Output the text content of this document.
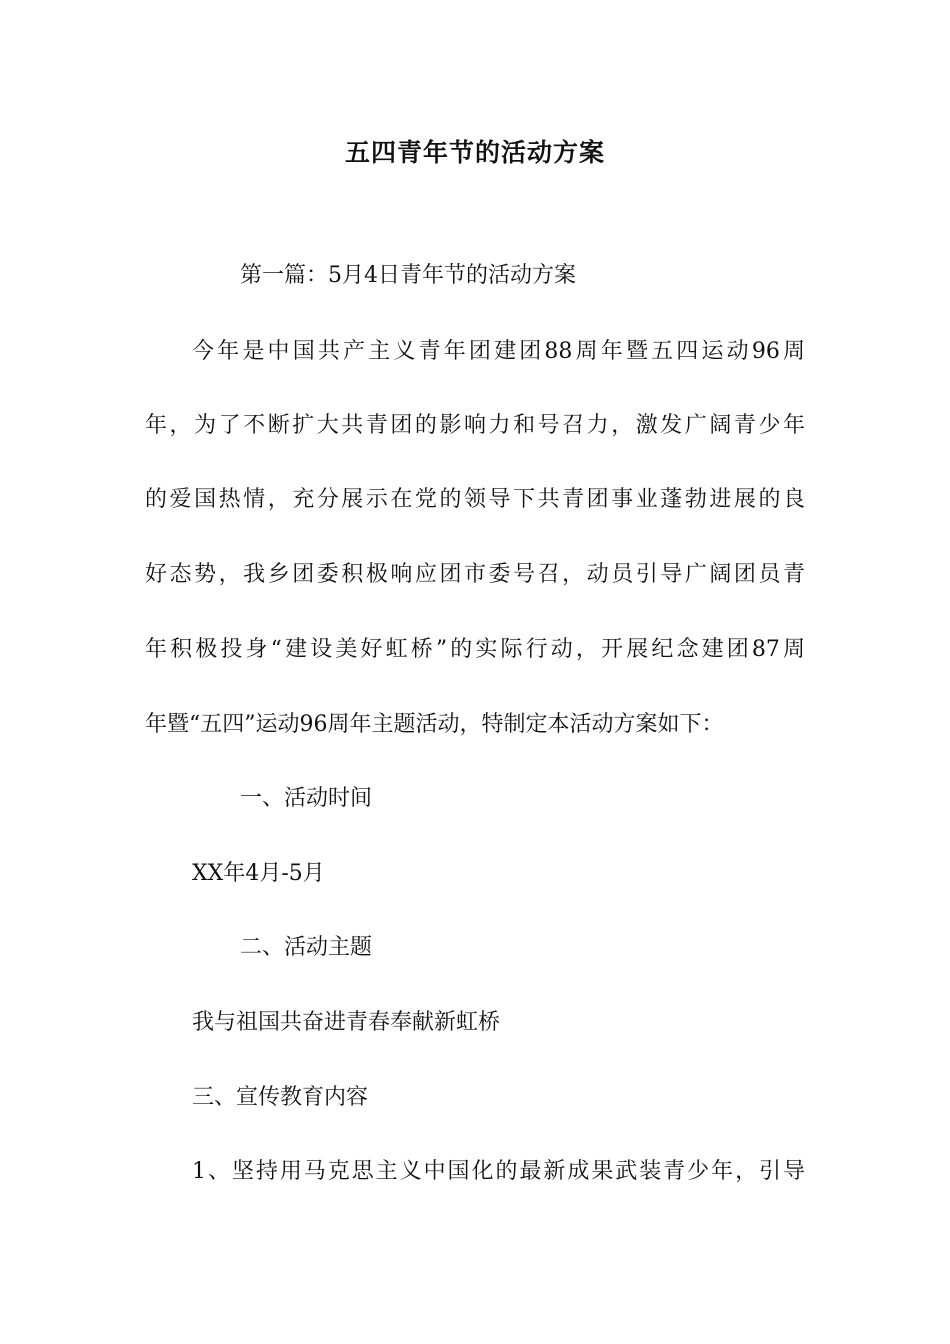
五四青年节的活动方案
第一篇：5月4日青年节的活动方案
今年是中国共产主义青年团建团88周年暨五四运动96周
年，为了不断扩大共青团的影响力和号召力，激发广阔青少年
的爱国热情，充分展示在党的领导下共青团事业蓬勃进展的良
好态势，我乡团委积极响应团市委号召，动员引导广阔团员青
年积极投身“建设美好虹桥”的实际行动，开展纪念建团87周
年暨“五四”运动96周年主题活动，特制定本活动方案如下：
一、活动时间
XX年4月-5月
二、活动主题
我与祖国共奋进青春奉献新虹桥
三、宣传教育内容
1、坚持用马克思主义中国化的最新成果武装青少年，引导
